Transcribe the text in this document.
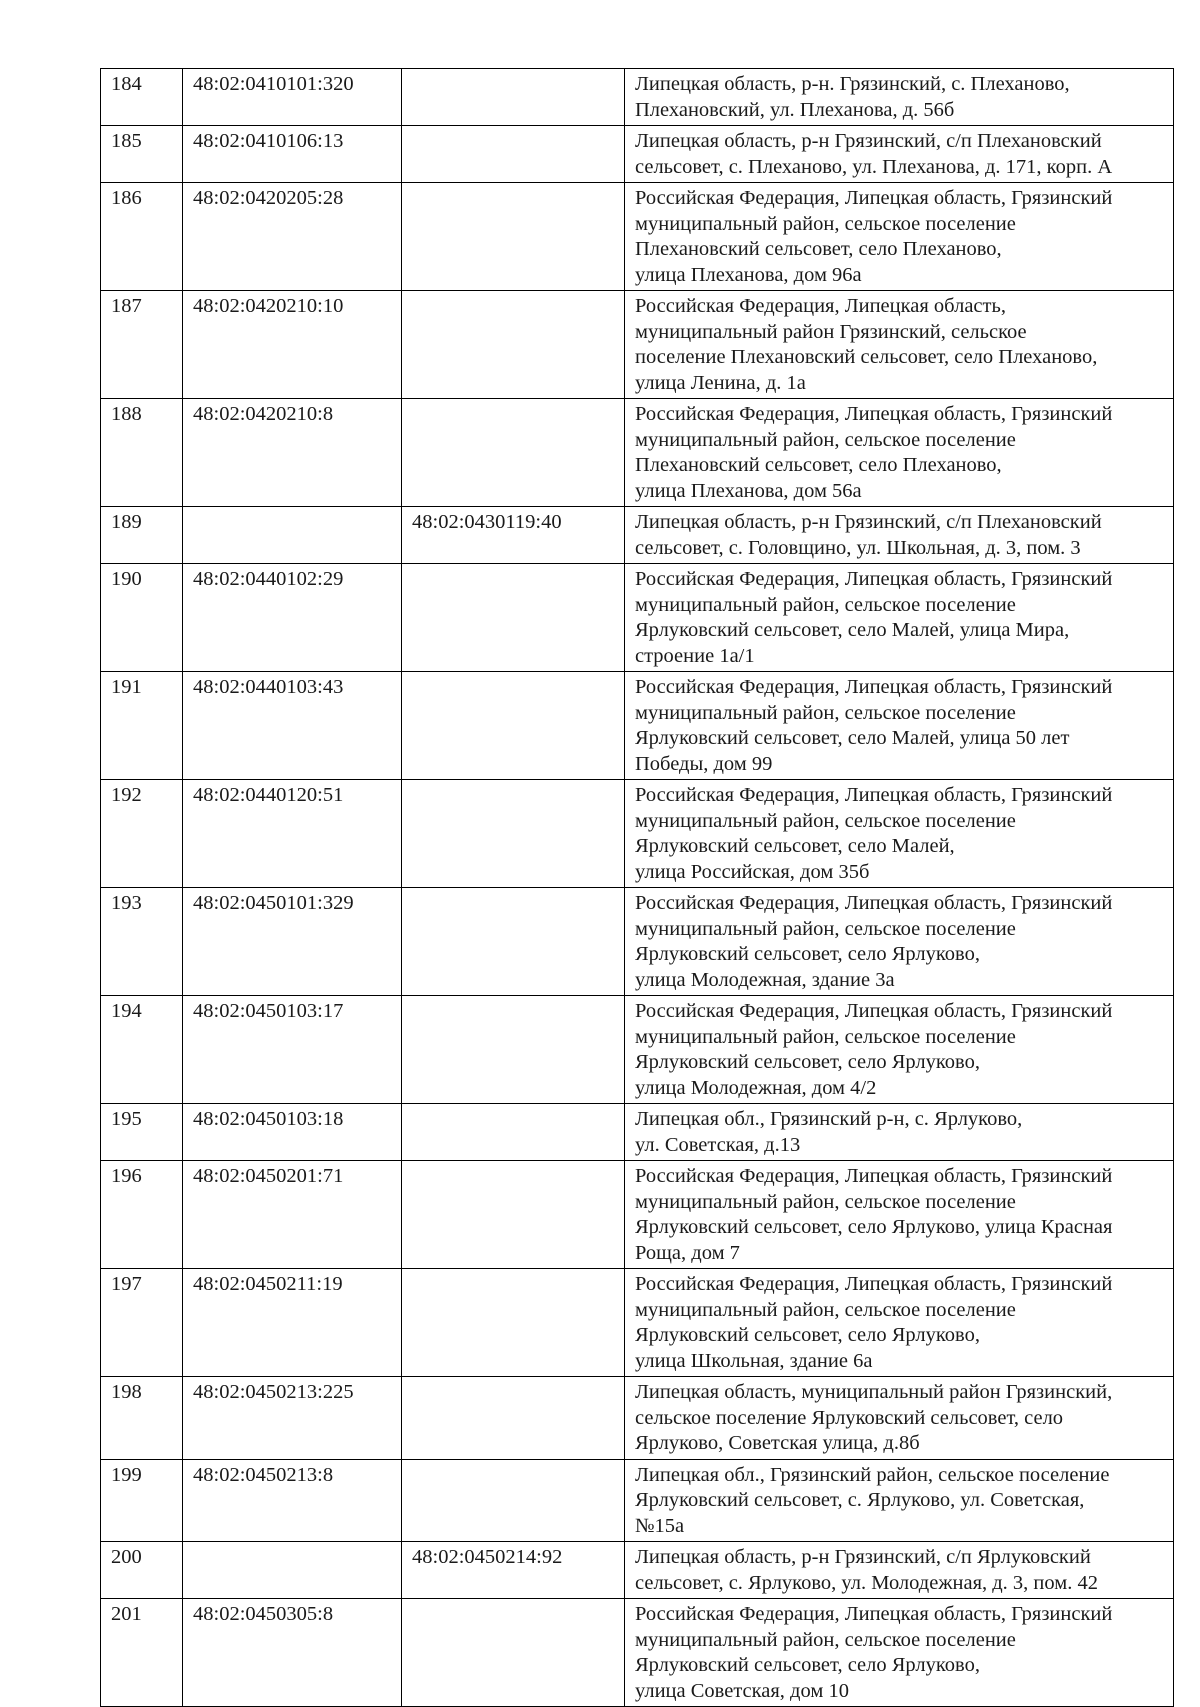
184	48:02:0410101:320		Липецкая область, р-н. Грязинский, с. Плеханово,
Плехановский, ул. Плеханова, д. 56б

185	48:02:0410106:13		Липецкая область, р-н Грязинский, с/п Плехановский
сельсовет, с. Плеханово, ул. Плеханова, д. 171, корп. А

186	48:02:0420205:28		Российская Федерация, Липецкая область, Грязинский
муниципальный район, сельское поселение
Плехановский сельсовет, село Плеханово,
улица Плеханова, дом 96а

187	48:02:0420210:10		Российская Федерация, Липецкая область,
муниципальный район Грязинский, сельское
поселение Плехановский сельсовет, село Плеханово,
улица Ленина, д. 1а

188	48:02:0420210:8		Российская Федерация, Липецкая область, Грязинский
муниципальный район, сельское поселение
Плехановский сельсовет, село Плеханово,
улица Плеханова, дом 56а

189		48:02:0430119:40	Липецкая область, р-н Грязинский, с/п Плехановский
сельсовет, с. Головщино, ул. Школьная, д. 3, пом. 3

190	48:02:0440102:29		Российская Федерация, Липецкая область, Грязинский
муниципальный район, сельское поселение
Ярлуковский сельсовет, село Малей, улица Мира,
строение 1а/1

191	48:02:0440103:43		Российская Федерация, Липецкая область, Грязинский
муниципальный район, сельское поселение
Ярлуковский сельсовет, село Малей, улица 50 лет
Победы, дом 99

192	48:02:0440120:51		Российская Федерация, Липецкая область, Грязинский
муниципальный район, сельское поселение
Ярлуковский сельсовет, село Малей,
улица Российская, дом 35б

193	48:02:0450101:329		Российская Федерация, Липецкая область, Грязинский
муниципальный район, сельское поселение
Ярлуковский сельсовет, село Ярлуково,
улица Молодежная, здание 3а

194	48:02:0450103:17		Российская Федерация, Липецкая область, Грязинский
муниципальный район, сельское поселение
Ярлуковский сельсовет, село Ярлуково,
улица Молодежная, дом 4/2

195	48:02:0450103:18		Липецкая обл., Грязинский р-н, с. Ярлуково,
ул. Советская, д.13

196	48:02:0450201:71		Российская Федерация, Липецкая область, Грязинский
муниципальный район, сельское поселение
Ярлуковский сельсовет, село Ярлуково, улица Красная
Роща, дом 7

197	48:02:0450211:19		Российская Федерация, Липецкая область, Грязинский
муниципальный район, сельское поселение
Ярлуковский сельсовет, село Ярлуково,
улица Школьная, здание 6а

198	48:02:0450213:225		Липецкая область, муниципальный район Грязинский,
сельское поселение Ярлуковский сельсовет, село
Ярлуково, Советская улица, д.8б

199	48:02:0450213:8		Липецкая обл., Грязинский район, сельское поселение
Ярлуковский сельсовет, с. Ярлуково, ул. Советская,
№15а

200		48:02:0450214:92	Липецкая область, р-н Грязинский, с/п Ярлуковский
сельсовет, с. Ярлуково, ул. Молодежная, д. 3, пом. 42

201	48:02:0450305:8		Российская Федерация, Липецкая область, Грязинский
муниципальный район, сельское поселение
Ярлуковский сельсовет, село Ярлуково,
улица Советская, дом 10
